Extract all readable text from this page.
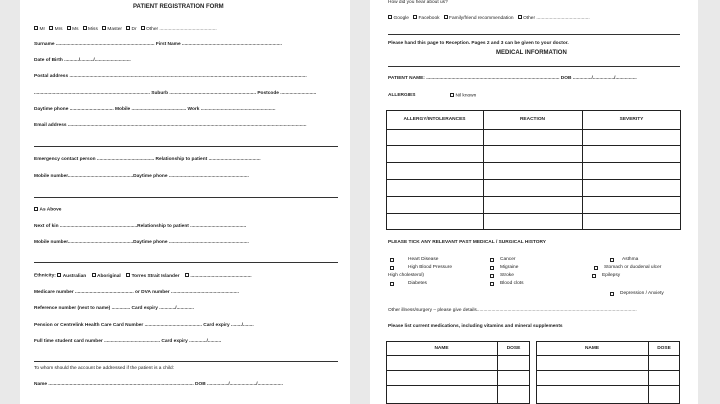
PATIENT REGISTRATION FORM
Mr Mrs Ms Miss Master Dr Other ...........................................
Surname .......................................................................... First Name ...........................................................................
Date of Birth .........../........../...........................
Postal address ..................................................................................................................................................................................
....................................................................................... Suburb ................................................................. Postcode ...........................
Daytime phone ................................. Mobile ......................................... Work ........................................................
Email address ...................................................................................................................................................................................
Emergency contact person ........................................... Relationship to patient .......................................
Mobile number.................................................Daytime phone ............................................................
As Above
Next of kin ..........................................................Relationship to patient ..........................................
Mobile number.................................................Daytime phone ............................................................
Ethnicity: Australian Aboriginal Torres Strait Islander ..............................................
Medicare number ............................................ or DVA number ...................................................
Reference number (next to name) .............. Card expiry ............/.............
Pension or Centrelink Health Care Card Number ........................................... Card expiry ......../........
Full time student card number .......................................... Card expiry ............./..........
To whom should the account be addressed if the patient is a child:
Name ............................................................................................................. DOB ................/..................../...................
How did you hear about us?
Google Facebook Family/friend recommendation Other ........................................
Please hand this page to Reception. Pages 2 and 3 can be given to your doctor.
MEDICAL INFORMATION
PATIENT NAME: .................................................................................................... DOB ............../................/................
ALLERGIES	Nil known
ALLERGY/INTOLERANCES	REACTION	SEVERITY
PLEASE TICK ANY RELEVANT PAST MEDICAL / SURGICAL HISTORY
Heart Disease	Cancer	Asthma
High Blood Pressure	Migraine	Stomach or duodenal ulcer
High cholesterol)	Stroke	Epilepsy
Diabetes	Blood clots
Depression / Anxiety
Other illness/surgery – please give details........................................................................................................................
Please list current medications, including vitamins and mineral supplements
NAME	DOSE	NAME	DOSE
